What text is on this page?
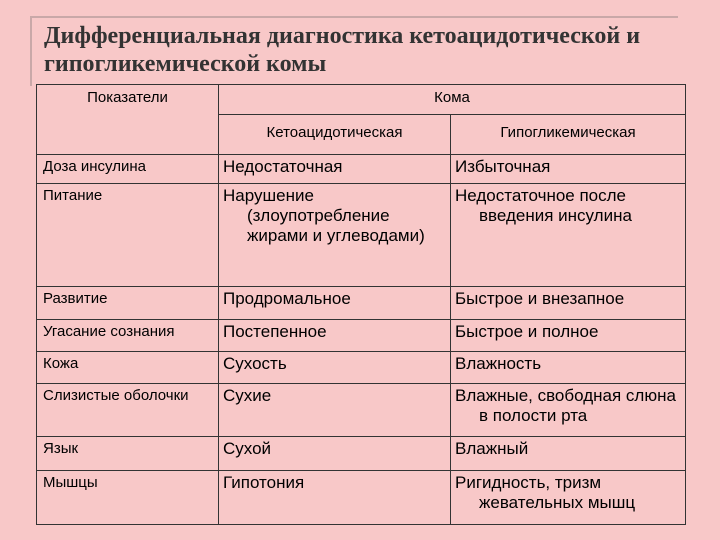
Дифференциальная диагностика кетоацидотической и
гипогликемической комы
Показатели	Кома	
	Кетоацидотическая	Гипогликемическая
Доза инсулина	Недостаточная	Избыточная
Питание	Нарушение (злоупотребление жирами и углеводами)	Недостаточное после введения инсулина
Развитие	Продромальное	Быстрое и внезапное
Угасание сознания	Постепенное	Быстрое и полное
Кожа	Сухость	Влажность
Слизистые оболочки	Сухие	Влажные, свободная слюна в полости рта
Язык	Сухой	Влажный
Мышцы	Гипотония	Ригидность, тризм жевательных мышц
